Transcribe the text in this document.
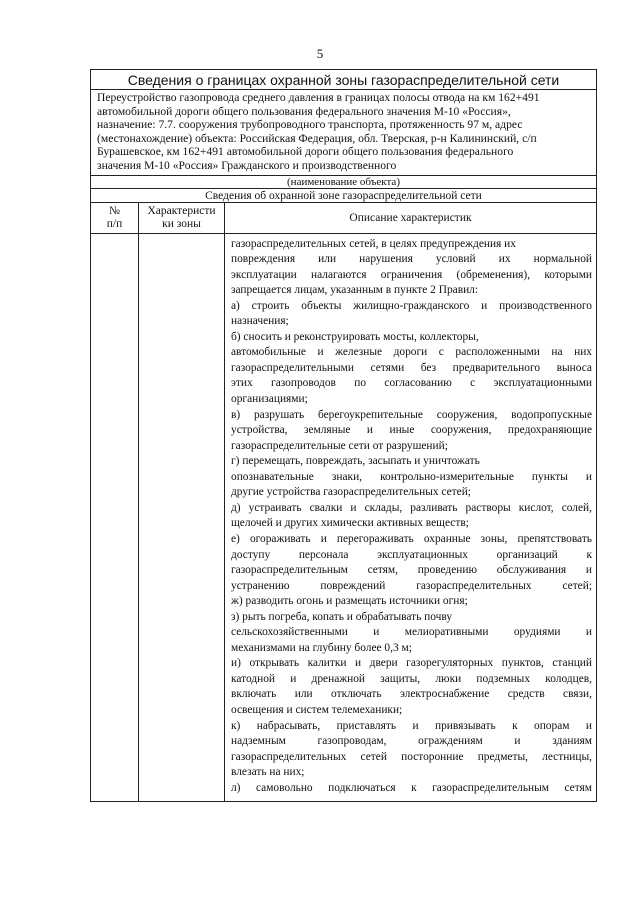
5
Сведения о границах охранной зоны газораспределительной сети
Переустройство газопровода среднего давления в границах полосы отвода на км 162+491
автомобильной дороги общего пользования федерального значения М-10 «Россия»,
назначение: 7.7. сооружения трубопроводного транспорта, протяженность 97 м, адрес
(местонахождение) объекта: Российская Федерация, обл. Тверская, р-н Калининский, с/п
Бурашевское, км 162+491 автомобильной дороги общего пользования федерального
значения М-10 «Россия» Гражданского и производственного
(наименование объекта)
Сведения об охранной зоне газораспределительной сети
№
п/п
Характеристи
ки зоны	Описание характеристик
газораспределительных сетей, в целях предупреждения их
повреждения или нарушения условий их нормальной
эксплуатации налагаются ограничения (обременения), которыми
запрещается лицам, указанным в пункте 2 Правил:
а) строить объекты жилищно-гражданского и производственного
назначения;
б) сносить и реконструировать мосты, коллекторы,
автомобильные и железные дороги с расположенными на них
газораспределительными сетями без предварительного выноса
этих газопроводов по согласованию с эксплуатационными
организациями;
в) разрушать берегоукрепительные сооружения, водопропускные
устройства, земляные и иные сооружения, предохраняющие
газораспределительные сети от разрушений;
г) перемещать, повреждать, засыпать и уничтожать
опознавательные знаки, контрольно-измерительные пункты и
другие устройства газораспределительных сетей;
д) устраивать свалки и склады, разливать растворы кислот, солей,
щелочей и других химически активных веществ;
е) огораживать и перегораживать охранные зоны, препятствовать
доступу персонала эксплуатационных организаций к
газораспределительным сетям, проведению обслуживания и
устранению повреждений газораспределительных сетей;
ж) разводить огонь и размещать источники огня;
з) рыть погреба, копать и обрабатывать почву
сельскохозяйственными и мелиоративными орудиями и
механизмами на глубину более 0,3 м;
и) открывать калитки и двери газорегуляторных пунктов, станций
катодной и дренажной защиты, люки подземных колодцев,
включать или отключать электроснабжение средств связи,
освещения и систем телемеханики;
к) набрасывать, приставлять и привязывать к опорам и
надземным газопроводам, ограждениям и зданиям
газораспределительных сетей посторонние предметы, лестницы,
влезать на них;
л) самовольно подключаться к газораспределительным сетям
